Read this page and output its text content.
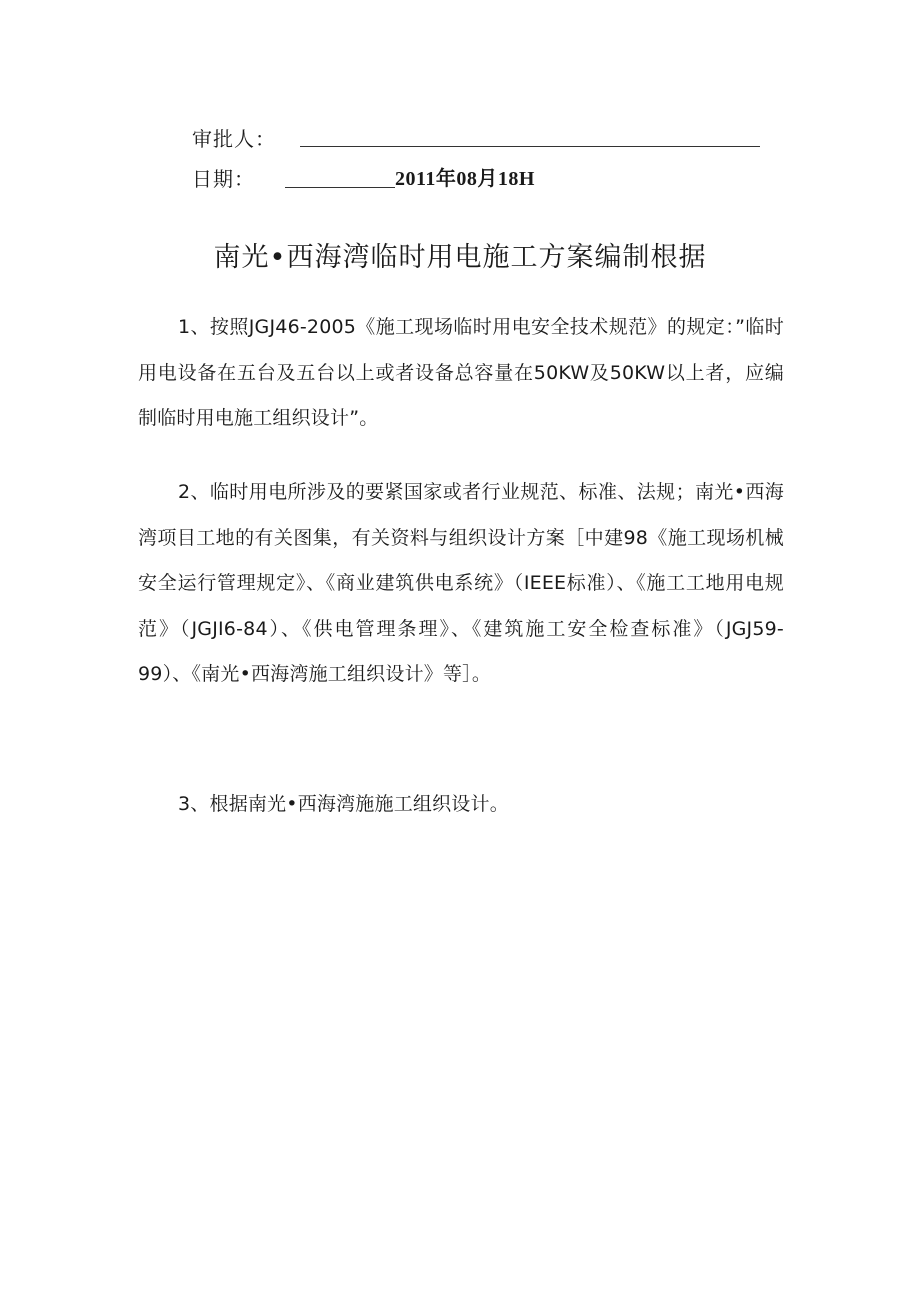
审批人：
日期：	2011年08月18H
南光•西海湾临时用电施工方案编制根据

1、按照JGJ46-2005《施工现场临时用电安全技术规范》的规定：”临时用电设备在五台及五台以上或者设备总容量在50KW及50KW以上者，应编制临时用电施工组织设计”。

2、临时用电所涉及的要紧国家或者行业规范、标准、法规；南光•西海湾项目工地的有关图集，有关资料与组织设计方案［中建98《施工现场机械安全运行管理规定》、《商业建筑供电系统》（IEEE标准）、《施工工地用电规范》（JGJI6-84）、《供电管理条理》、《建筑施工安全检查标准》（JGJ59-99）、《南光•西海湾施工组织设计》等］。

3、根据南光•西海湾施施工组织设计。
